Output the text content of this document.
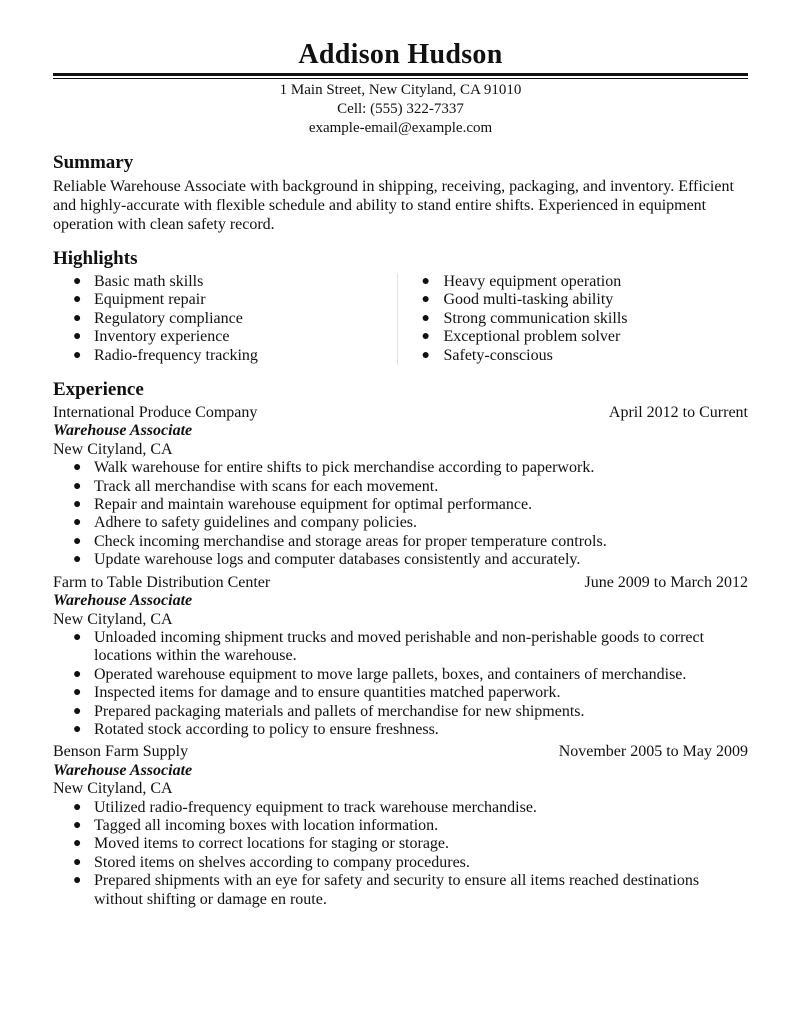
Addison Hudson
1 Main Street, New Cityland, CA 91010
Cell: (555) 322-7337
example-email@example.com
Summary

Reliable Warehouse Associate with background in shipping, receiving, packaging, and inventory. Efficient and highly-accurate with flexible schedule and ability to stand entire shifts. Experienced in equipment operation with clean safety record.

Highlights
● Basic math skills
● Equipment repair
● Regulatory compliance
● Inventory experience
● Radio-frequency tracking
● Heavy equipment operation
● Good multi-tasking ability
● Strong communication skills
● Exceptional problem solver
● Safety-conscious
Experience
International Produce Company	April 2012 to Current
Warehouse Associate
New Cityland, CA
● Walk warehouse for entire shifts to pick merchandise according to paperwork.
● Track all merchandise with scans for each movement.
● Repair and maintain warehouse equipment for optimal performance.
● Adhere to safety guidelines and company policies.
● Check incoming merchandise and storage areas for proper temperature controls.
● Update warehouse logs and computer databases consistently and accurately.
Farm to Table Distribution Center	June 2009 to March 2012
Warehouse Associate
New Cityland, CA
● Unloaded incoming shipment trucks and moved perishable and non-perishable goods to correct locations within the warehouse.
● Operated warehouse equipment to move large pallets, boxes, and containers of merchandise.
● Inspected items for damage and to ensure quantities matched paperwork.
● Prepared packaging materials and pallets of merchandise for new shipments.
● Rotated stock according to policy to ensure freshness.
Benson Farm Supply	November 2005 to May 2009
Warehouse Associate
New Cityland, CA
● Utilized radio-frequency equipment to track warehouse merchandise.
● Tagged all incoming boxes with location information.
● Moved items to correct locations for staging or storage.
● Stored items on shelves according to company procedures.
● Prepared shipments with an eye for safety and security to ensure all items reached destinations without shifting or damage en route.
